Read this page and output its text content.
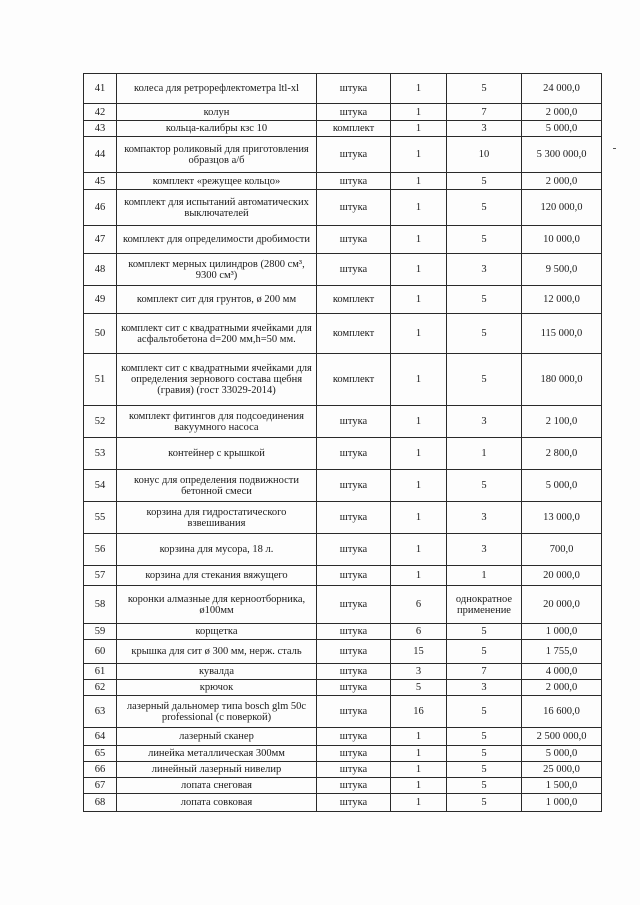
41	колеса для ретрорефлектометра ltl-xl	штука	1	5	24 000,0
42	колун	штука	1	7	2 000,0
43	кольца-калибры кзс 10	комплект	1	3	5 000,0
44	компактор роликовый для приготовления образцов а/б	штука	1	10	5 300 000,0
45	комплект «режущее кольцо»	штука	1	5	2 000,0
46	комплект для испытаний автоматических выключателей	штука	1	5	120 000,0
47	комплект для определимости дробимости	штука	1	5	10 000,0
48	комплект мерных цилиндров (2800 см³, 9300 см³)	штука	1	3	9 500,0
49	комплект сит для грунтов, ø 200 мм	комплект	1	5	12 000,0
50	комплект сит с квадратными ячейками для асфальтобетона d=200 мм,h=50 мм.	комплект	1	5	115 000,0
51	комплект сит с квадратными ячейками для определения зернового состава щебня (гравия) (гост 33029-2014)	комплект	1	5	180 000,0
52	комплект фитингов для подсоединения вакуумного насоса	штука	1	3	2 100,0
53	контейнер с крышкой	штука	1	1	2 800,0
54	конус для определения подвижности бетонной смеси	штука	1	5	5 000,0
55	корзина для гидростатического взвешивания	штука	1	3	13 000,0
56	корзина для мусора, 18 л.	штука	1	3	700,0
57	корзина для стекания вяжущего	штука	1	1	20 000,0
58	коронки алмазные для керноотборника, ø100мм	штука	6	однократное применение	20 000,0
59	корщетка	штука	6	5	1 000,0
60	крышка для сит ø 300 мм, нерж. сталь	штука	15	5	1 755,0
61	кувалда	штука	3	7	4 000,0
62	крючок	штука	5	3	2 000,0
63	лазерный дальномер типа bosch glm 50c professional (с поверкой)	штука	16	5	16 600,0
64	лазерный сканер	штука	1	5	2 500 000,0
65	линейка металлическая 300мм	штука	1	5	5 000,0
66	линейный лазерный нивелир	штука	1	5	25 000,0
67	лопата снеговая	штука	1	5	1 500,0
68	лопата совковая	штука	1	5	1 000,0
